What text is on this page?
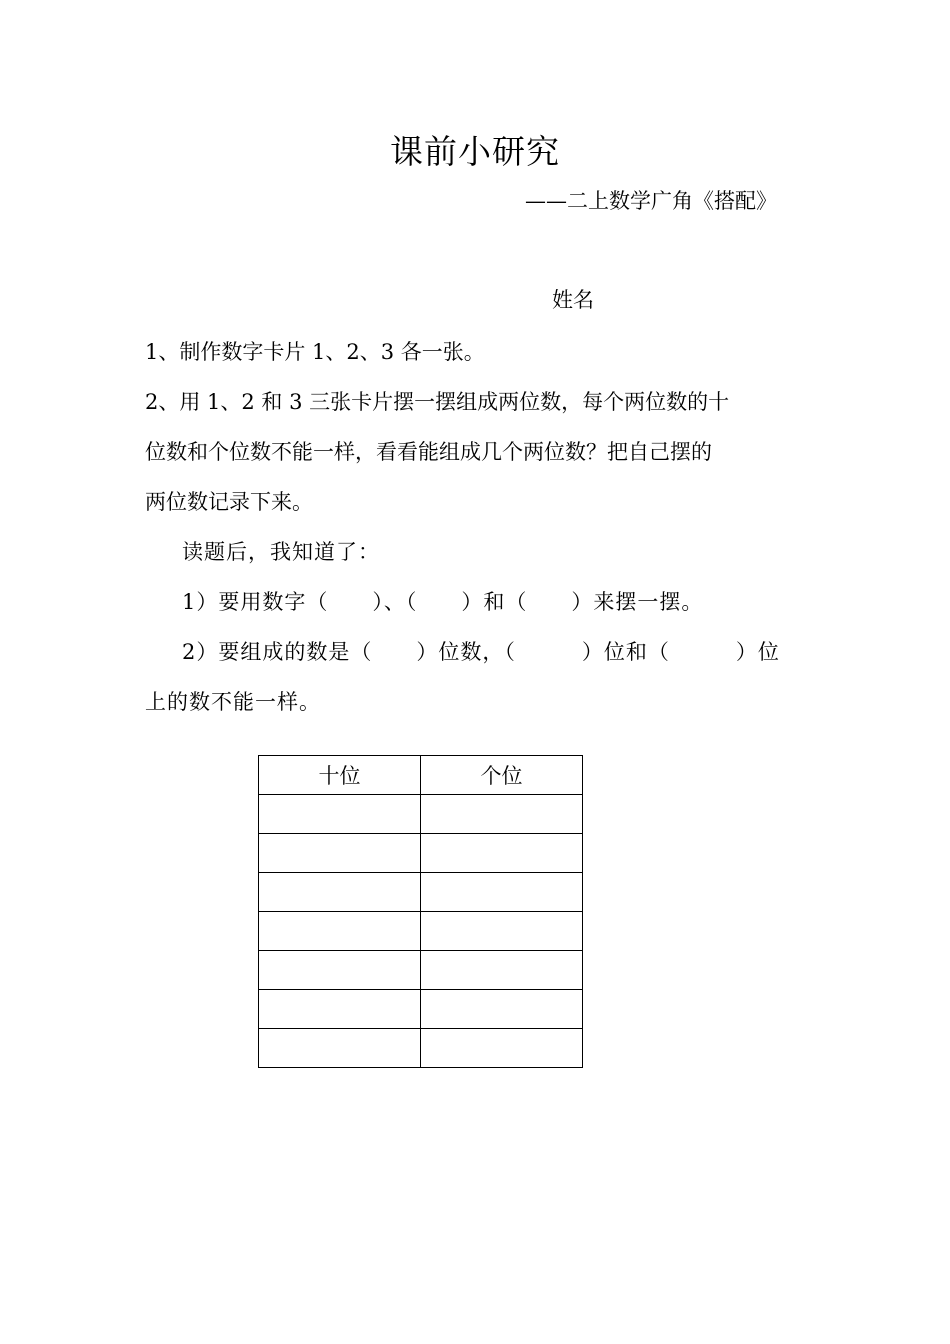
课前小研究
——二上数学广角《搭配》
姓名
1、制作数字卡片 1、2、3 各一张。
2、用 1、2 和 3 三张卡片摆一摆组成两位数，每个两位数的十
位数和个位数不能一样，看看能组成几个两位数？把自己摆的
两位数记录下来。
读题后，我知道了：
1）要用数字（　　）、（　　）和（　　）来摆一摆。
2）要组成的数是（　　）位数，（　　　）位和（　　　）位
上的数不能一样。
十位	个位
